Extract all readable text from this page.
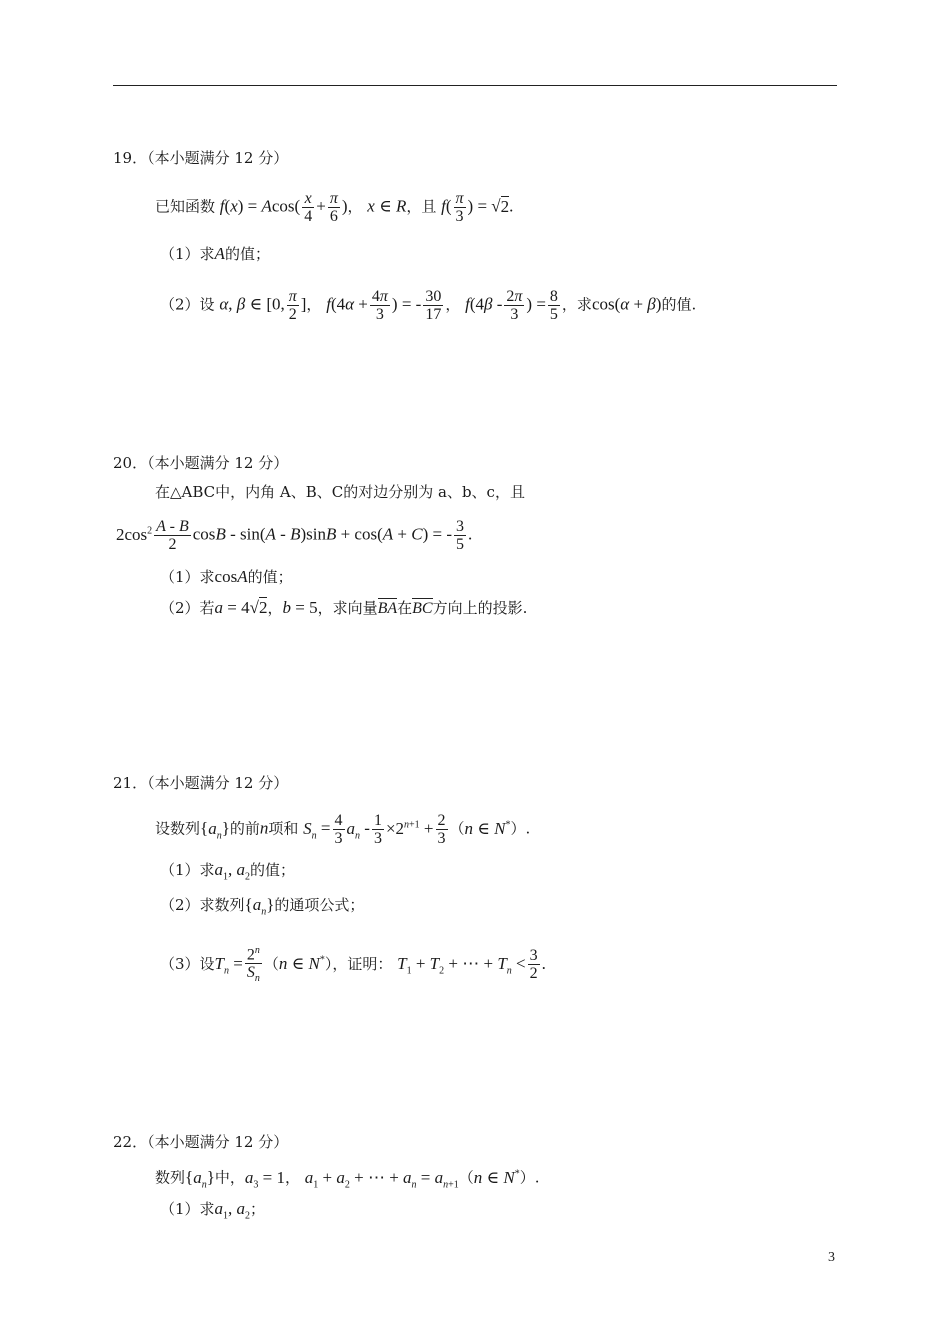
19．（本小题满分 12 分）
已知函数 $f(x) = Acos( \frac{x}{4} + \frac{\pi}{6}$ )， x ∈ R，且 $f( \frac{\pi}{3}$ ) = √2.
（1）求A的值；
（2）设 α, β ∈ [0, $\frac{\pi}{2}$ ]， $f(4\alpha + \frac{4\pi}{3}$ ) = - $\frac{30}{17}$ ， $f(4\beta - \frac{2\pi}{3}$ ) = $\frac{8}{5}$ ，求cos(α + β)的值.
20．（本小题满分 12 分）
在△ABC中，内角 A、B、C的对边分别为 a、b、c，且
$2\cos^2 \frac{A - B}{2}$ cosB - sin(A - B)sinB + cos(A + C) = - $\frac{3}{5}$ .
（1）求cosA的值；
（2）若a = 4√2，b = 5，求向量BA在BC方向上的投影.
21．（本小题满分 12 分）
设数列$\{a_n\}$的前n项和 $S_n = \frac{4}{3} a_n - \frac{1}{3} \times 2^{n+1} + \frac{2}{3} (n$ ∈ N*）.
（1）求$a_1$, $a_2$的值；
（2）求数列$\{a_n\}$的通项公式；
（3）设$T_n = \frac{2^n}{S_n} (n$ ∈ N*），证明： $T_1 + T_2$ + ⋯ + $T_n < \frac{3}{2}$ .
22．（本小题满分 12 分）
数列$\{a_n\}$中，$a_3 = 1$， $a_1 + a_2$ + ⋯ + $a_n = a_{n+1}(n$ ∈ N*）.
（1）求$a_1$, $a_2$；
3
